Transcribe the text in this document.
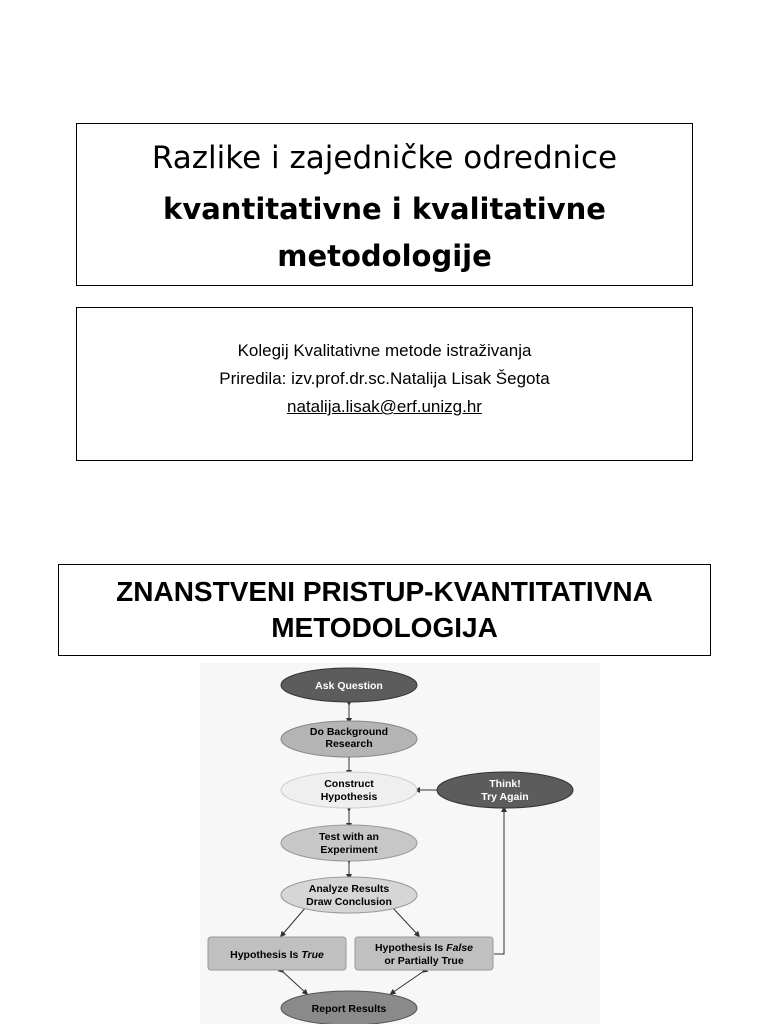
Razlike i zajedničke odrednice
kvantitativne i kvalitativne
metodologije
Kolegij Kvalitativne metode istraživanja
Priredila: izv.prof.dr.sc.Natalija Lisak Šegota
natalija.lisak@erf.unizg.hr
ZNANSTVENI PRISTUP-KVANTITATIVNA
METODOLOGIJA
Ask Question
Do Background
Research
Construct
Hypothesis
Think!
Try Again
Test with an
Experiment
Analyze Results
Draw Conclusion
Hypothesis Is True
Hypothesis Is False
or Partially True
Report Results
